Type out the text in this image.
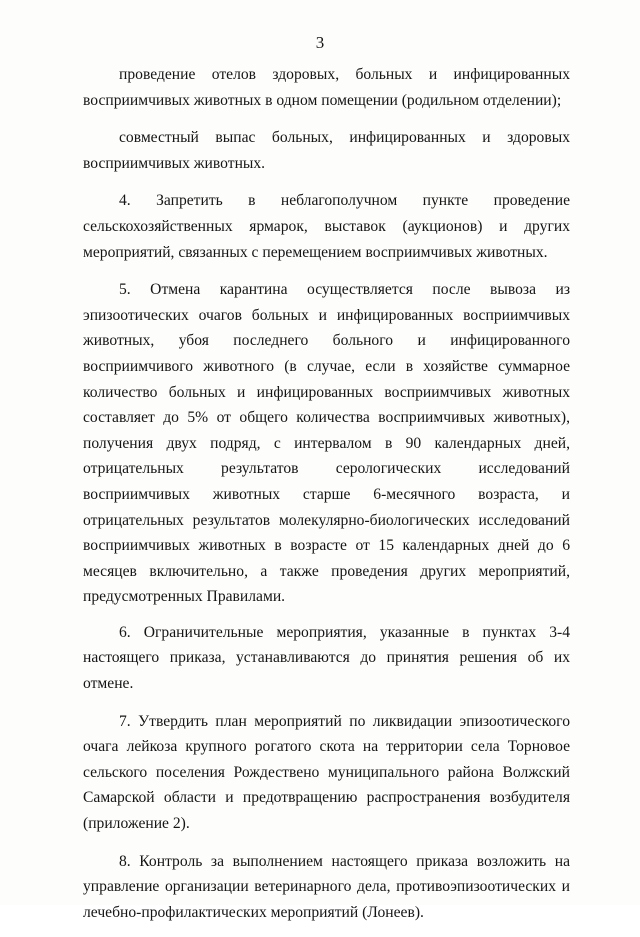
3

проведение отелов здоровых, больных и инфицированных восприимчивых животных в одном помещении (родильном отделении);

совместный выпас больных, инфицированных и здоровых восприимчивых животных.

4. Запретить в неблагополучном пункте проведение сельскохозяйственных ярмарок, выставок (аукционов) и других мероприятий, связанных с перемещением восприимчивых животных.

5. Отмена карантина осуществляется после вывоза из эпизоотических очагов больных и инфицированных восприимчивых животных, убоя последнего больного и инфицированного восприимчивого животного (в случае, если в хозяйстве суммарное количество больных и инфицированных восприимчивых животных составляет до 5% от общего количества восприимчивых животных), получения двух подряд, с интервалом в 90 календарных дней, отрицательных результатов серологических исследований восприимчивых животных старше 6-месячного возраста, и отрицательных результатов молекулярно-биологических исследований восприимчивых животных в возрасте от 15 календарных дней до 6 месяцев включительно, а также проведения других мероприятий, предусмотренных Правилами.

6. Ограничительные мероприятия, указанные в пунктах 3-4 настоящего приказа, устанавливаются до принятия решения об их отмене.

7. Утвердить план мероприятий по ликвидации эпизоотического очага лейкоза крупного рогатого скота на территории села Торновое сельского поселения Рождествено муниципального района Волжский Самарской области и предотвращению распространения возбудителя (приложение 2).

8. Контроль за выполнением настоящего приказа возложить на управление организации ветеринарного дела, противоэпизоотических и лечебно-профилактических мероприятий (Лонеев).
